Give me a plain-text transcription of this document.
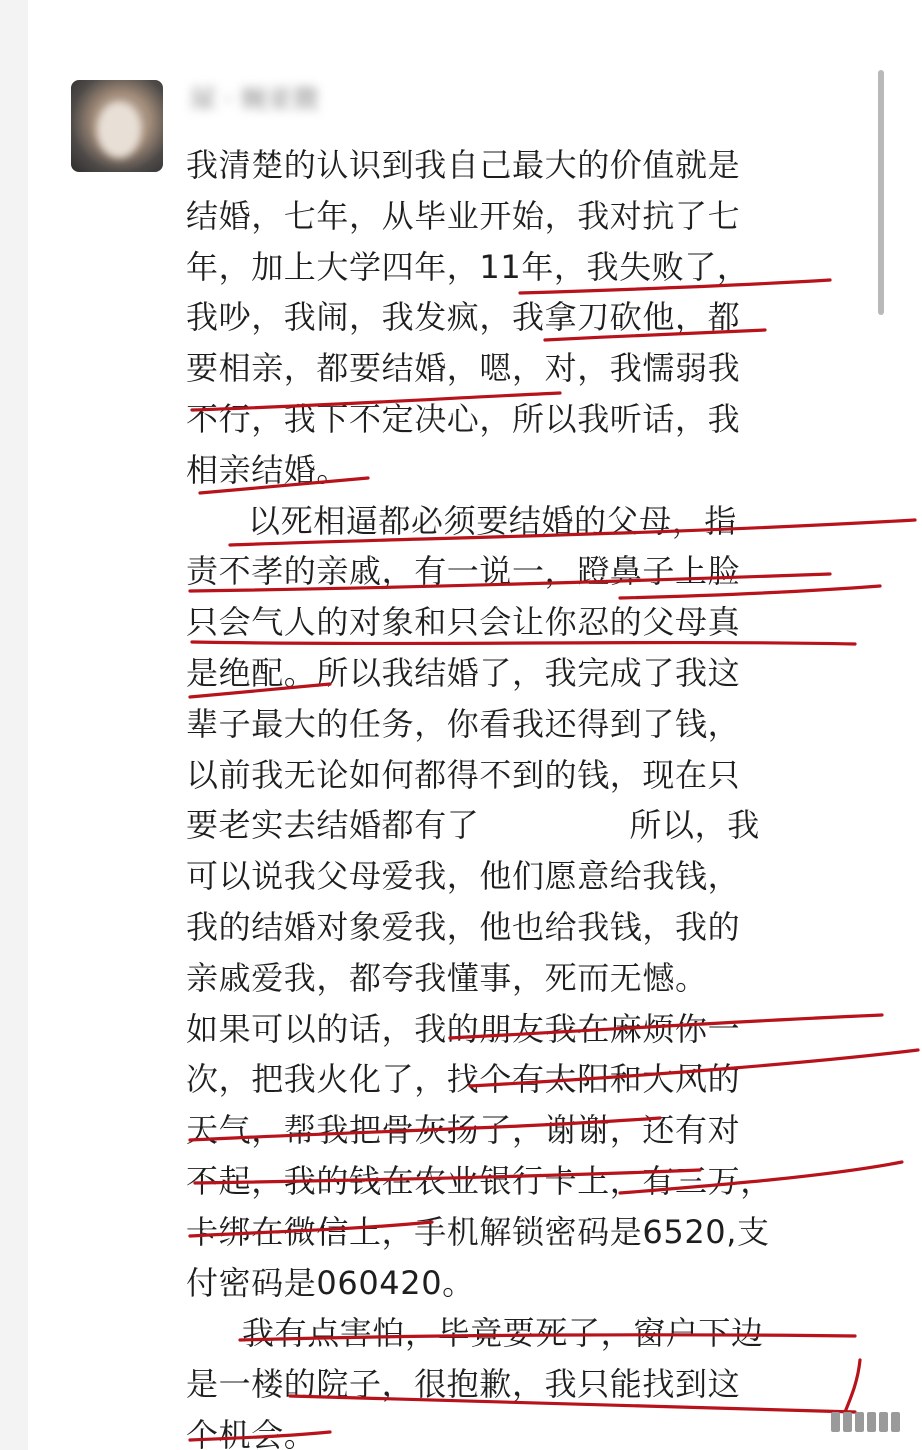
尿 · 婉亚微
我清楚的认识到我自己最大的价值就是
结婚，七年，从毕业开始，我对抗了七
年，加上大学四年，11年，我失败了，
我吵，我闹，我发疯，我拿刀砍他，都
要相亲，都要结婚，嗯，对，我懦弱我
不行，我下不定决心，所以我听话，我
相亲结婚。
以死相逼都必须要结婚的父母，指
责不孝的亲戚，有一说一，蹬鼻子上脸
只会气人的对象和只会让你忍的父母真
是绝配。所以我结婚了，我完成了我这
辈子最大的任务，你看我还得到了钱，
以前我无论如何都得不到的钱，现在只
要老实去结婚都有了	所以，我
可以说我父母爱我，他们愿意给我钱，
我的结婚对象爱我，他也给我钱，我的
亲戚爱我，都夸我懂事，死而无憾。
如果可以的话，我的朋友我在麻烦你一
次，把我火化了，找个有太阳和大风的
天气，帮我把骨灰扬了，谢谢，还有对
不起，我的钱在农业银行卡上，有三万，
卡绑在微信上，手机解锁密码是6520,支
付密码是060420。
我有点害怕，毕竟要死了，窗户下边
是一楼的院子，很抱歉，我只能找到这
个机会。
